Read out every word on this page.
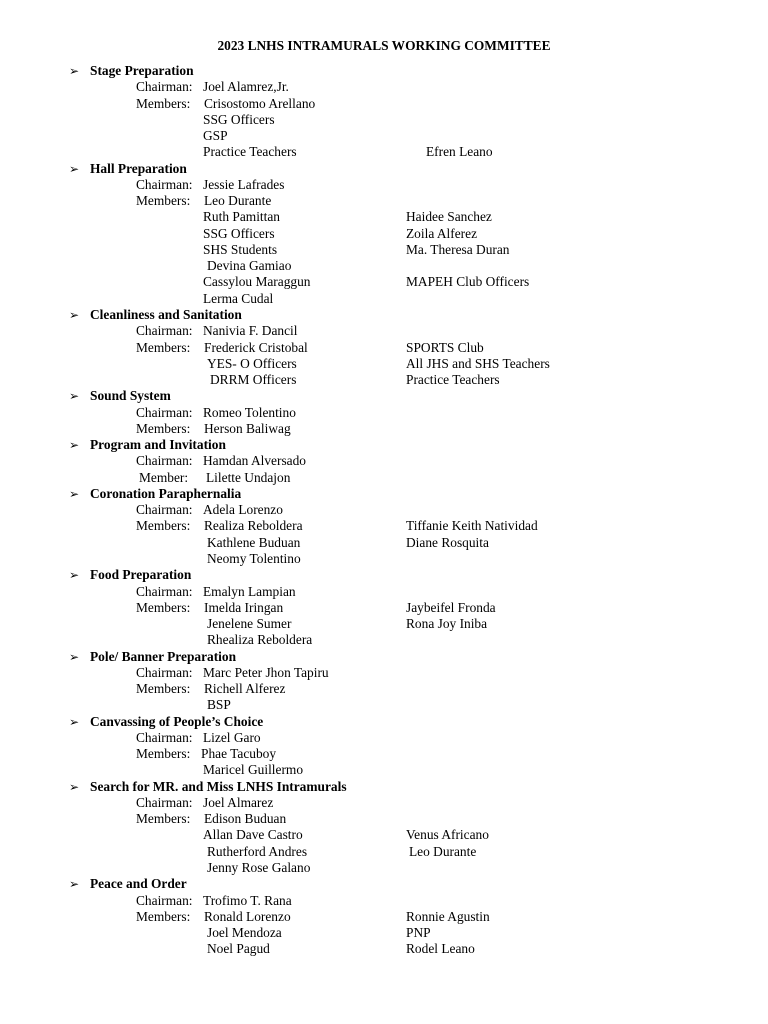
2023 LNHS INTRAMURALS WORKING COMMITTEE
➢ Stage Preparation
Chairman: Joel Alamrez,Jr.
Members: Crisostomo Arellano
SSG Officers
GSP
Practice Teachers	Efren Leano
➢ Hall Preparation
Chairman: Jessie Lafrades
Members: Leo Durante
Ruth Pamittan	Haidee Sanchez
SSG Officers	Zoila Alferez
SHS Students	Ma. Theresa Duran
Devina Gamiao
Cassylou Maraggun	MAPEH Club Officers
Lerma Cudal
➢ Cleanliness and Sanitation
Chairman: Nanivia F. Dancil
Members: Frederick Cristobal	SPORTS Club
YES- O Officers	All JHS and SHS Teachers
DRRM Officers	Practice Teachers
➢ Sound System
Chairman: Romeo Tolentino
Members: Herson Baliwag
➢ Program and Invitation
Chairman: Hamdan Alversado
Member: Lilette Undajon
➢ Coronation Paraphernalia
Chairman: Adela Lorenzo
Members: Realiza Reboldera	Tiffanie Keith Natividad
Kathlene Buduan	Diane Rosquita
Neomy Tolentino
➢ Food Preparation
Chairman: Emalyn Lampian
Members: Imelda Iringan	Jaybeifel Fronda
Jenelene Sumer	Rona Joy Iniba
Rhealiza Reboldera
➢ Pole/ Banner Preparation
Chairman: Marc Peter Jhon Tapiru
Members: Richell Alferez
BSP
➢ Canvassing of People’s Choice
Chairman: Lizel Garo
Members: Phae Tacuboy
Maricel Guillermo
➢ Search for MR. and Miss LNHS Intramurals
Chairman: Joel Almarez
Members: Edison Buduan
Allan Dave Castro	Venus Africano
Rutherford Andres	Leo Durante
Jenny Rose Galano
➢ Peace and Order
Chairman: Trofimo T. Rana
Members: Ronald Lorenzo	Ronnie Agustin
Joel Mendoza	PNP
Noel Pagud	Rodel Leano
